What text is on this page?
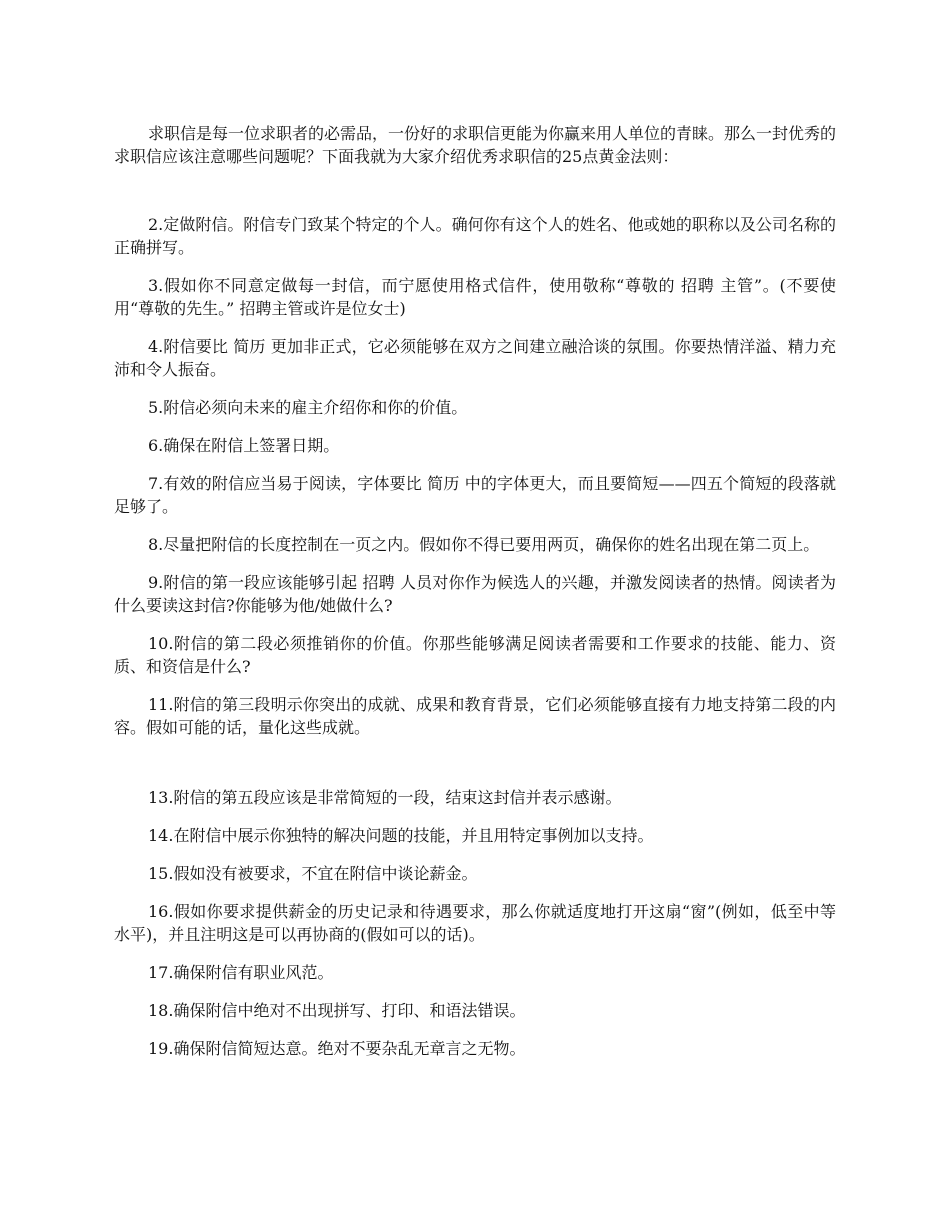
求职信是每一位求职者的必需品，一份好的求职信更能为你赢来用人单位的青睐。那么一封优秀的求职信应该注意哪些问题呢？下面我就为大家介绍优秀求职信的25点黄金法则：

2.定做附信。附信专门致某个特定的个人。确何你有这个人的姓名、他或她的职称以及公司名称的正确拼写。

3.假如你不同意定做每一封信，而宁愿使用格式信件，使用敬称“尊敬的 招聘 主管”。(不要使用“尊敬的先生。” 招聘主管或许是位女士)

4.附信要比 简历 更加非正式，它必须能够在双方之间建立融洽谈的氛围。你要热情洋溢、精力充沛和令人振奋。

5.附信必须向未来的雇主介绍你和你的价值。

6.确保在附信上签署日期。

7.有效的附信应当易于阅读，字体要比 简历 中的字体更大，而且要简短——四五个简短的段落就足够了。

8.尽量把附信的长度控制在一页之内。假如你不得已要用两页，确保你的姓名出现在第二页上。

9.附信的第一段应该能够引起 招聘 人员对你作为候选人的兴趣，并激发阅读者的热情。阅读者为什么要读这封信?你能够为他/她做什么?

10.附信的第二段必须推销你的价值。你那些能够满足阅读者需要和工作要求的技能、能力、资质、和资信是什么?

11.附信的第三段明示你突出的成就、成果和教育背景，它们必须能够直接有力地支持第二段的内容。假如可能的话，量化这些成就。

13.附信的第五段应该是非常简短的一段，结束这封信并表示感谢。

14.在附信中展示你独特的解决问题的技能，并且用特定事例加以支持。

15.假如没有被要求，不宜在附信中谈论薪金。

16.假如你要求提供薪金的历史记录和待遇要求，那么你就适度地打开这扇“窗”(例如，低至中等水平)，并且注明这是可以再协商的(假如可以的话)。

17.确保附信有职业风范。

18.确保附信中绝对不出现拼写、打印、和语法错误。

19.确保附信简短达意。绝对不要杂乱无章言之无物。
